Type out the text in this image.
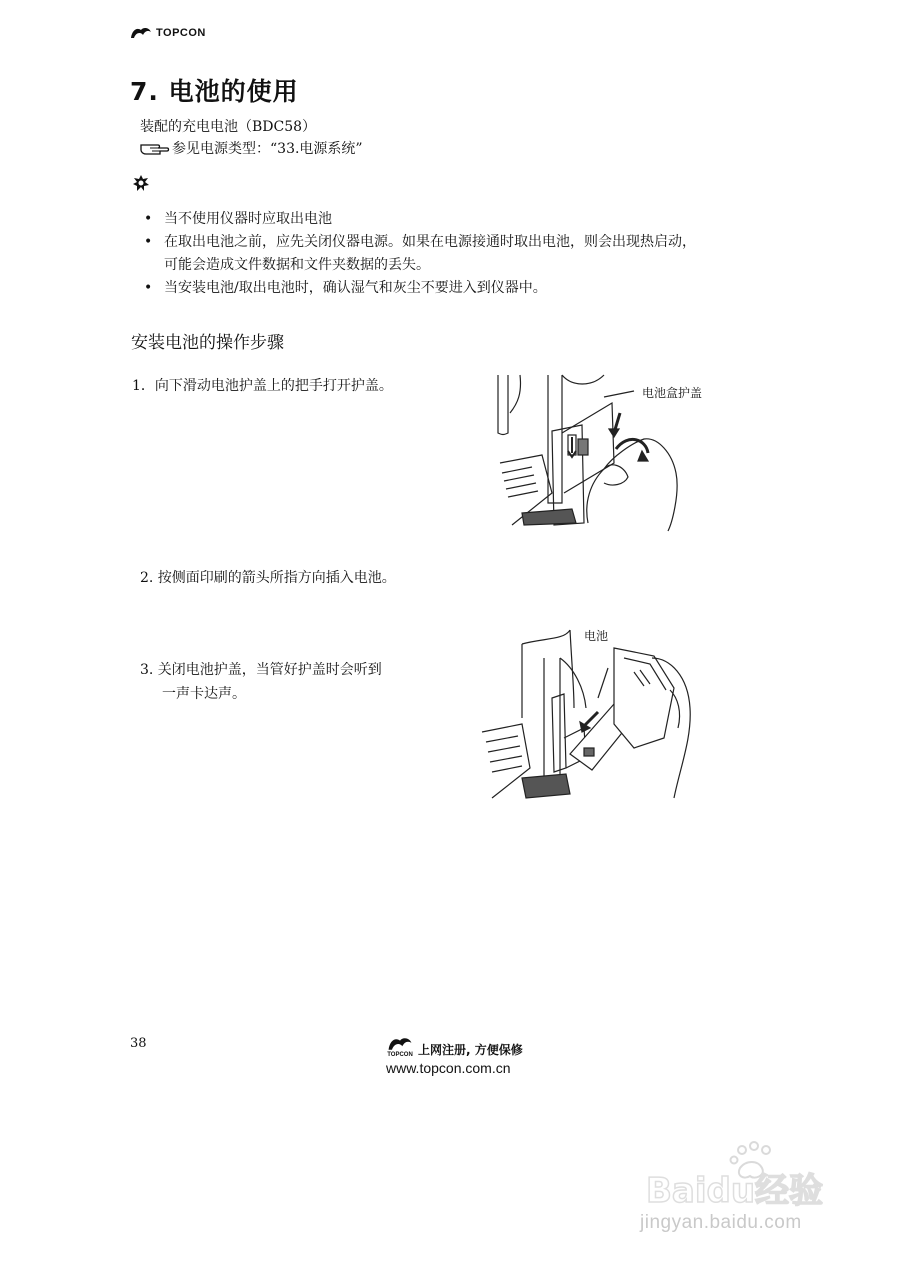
TOPCON
7. 电池的使用
装配的充电电池（BDC58）
参见电源类型：“33.电源系统”
• 当不使用仪器时应取出电池
• 在取出电池之前，应先关闭仪器电源。如果在电源接通时取出电池，则会出现热启动，
可能会造成文件数据和文件夹数据的丢失。
• 当安装电池/取出电池时，确认湿气和灰尘不要进入到仪器中。
安装电池的操作步骤
1．向下滑动电池护盖上的把手打开护盖。
2. 按侧面印刷的箭头所指方向插入电池。
3. 关闭电池护盖，当管好护盖时会听到
一声卡达声。
电池盒护盖
电池
38
TOPCON 上网注册, 方便保修
www.topcon.com.cn
Baidu经验
jingyan.baidu.com
